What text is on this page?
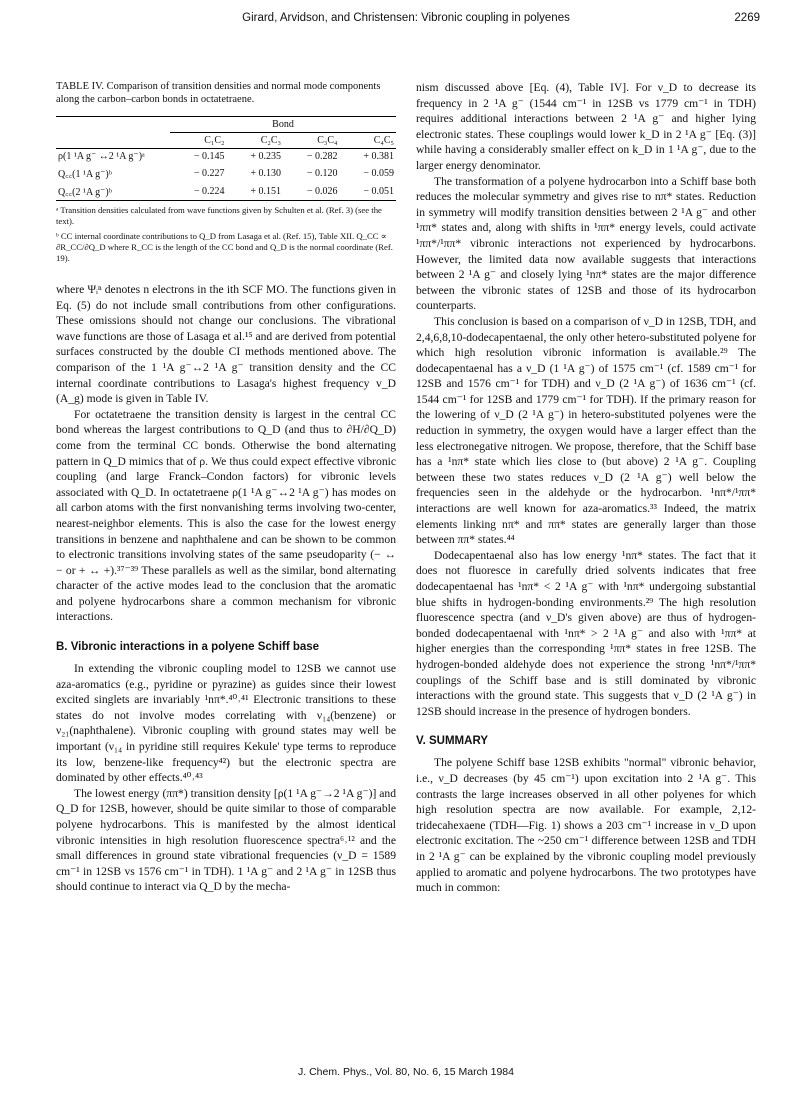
Girard, Arvidson, and Christensen: Vibronic coupling in polyenes	2269

TABLE IV. Comparison of transition densities and normal mode components along the carbon–carbon bonds in octatetraene.

	Bond			
	C₁C₂	C₂C₃	C₃C₄	C₄C₅
ρ(1 ¹A g⁻ ↔2 ¹A g⁻)ᵃ	− 0.145	+ 0.235	− 0.282	+ 0.381
Q꜀꜀(1 ¹A g⁻)ᵇ	− 0.227	+ 0.130	− 0.120	− 0.059
Q꜀꜀(2 ¹A g⁻)ᵇ	− 0.224	+ 0.151	− 0.026	− 0.051

ᵃ Transition densities calculated from wave functions given by Schulten et al. (Ref. 3) (see the text).

ᵇ CC internal coordinate contributions to Q_D from Lasaga et al. (Ref. 15), Table XII. Q_CC ∝ ∂R_CC/∂Q_D where R_CC is the length of the CC bond and Q_D is the normal coordinate (Ref. 19).

where Ψᵢⁿ denotes n electrons in the ith SCF MO. The functions given in Eq. (5) do not include small contributions from other configurations. These omissions should not change our conclusions. The vibrational wave functions are those of Lasaga et al.¹⁵ and are derived from potential surfaces constructed by the double CI methods mentioned above. The comparison of the 1 ¹A g⁻↔2 ¹A g⁻ transition density and the CC internal coordinate contributions to Lasaga's highest frequency v_D (A_g) mode is given in Table IV.

For octatetraene the transition density is largest in the central CC bond whereas the largest contributions to Q_D (and thus to ∂H/∂Q_D) come from the terminal CC bonds. Otherwise the bond alternating pattern in Q_D mimics that of ρ. We thus could expect effective vibronic coupling (and large Franck–Condon factors) for vibronic levels associated with Q_D. In octatetraene ρ(1 ¹A g⁻↔2 ¹A g⁻) has modes on all carbon atoms with the first nonvanishing terms involving two-center, nearest-neighbor elements. This is also the case for the lowest energy transitions in benzene and naphthalene and can be shown to be common to electronic transitions involving states of the same pseudoparity (− ↔ − or + ↔ +).³⁷⁻³⁹ These parallels as well as the similar, bond alternating character of the active modes lead to the conclusion that the aromatic and polyene hydrocarbons share a common mechanism for vibronic interactions.

B. Vibronic interactions in a polyene Schiff base

In extending the vibronic coupling model to 12SB we cannot use aza-aromatics (e.g., pyridine or pyrazine) as guides since their lowest excited singlets are invariably ¹nπ*.⁴⁰˒⁴¹ Electronic transitions to these states do not involve modes correlating with ν₁₄(benzene) or ν₂₁(naphthalene). Vibronic coupling with ground states may well be important (ν₁₄ in pyridine still requires Kekule' type terms to reproduce its low, benzene-like frequency⁴²) but the electronic spectra are dominated by other effects.⁴⁰˒⁴³

The lowest energy (ππ*) transition density [ρ(1 ¹A g⁻→2 ¹A g⁻)] and Q_D for 12SB, however, should be quite similar to those of comparable polyene hydrocarbons. This is manifested by the almost identical vibronic intensities in high resolution fluorescence spectra⁶˒¹² and the small differences in ground state vibrational frequencies (ν_D = 1589 cm⁻¹ in 12SB vs 1576 cm⁻¹ in TDH). 1 ¹A g⁻ and 2 ¹A g⁻ in 12SB thus should continue to interact via Q_D by the mecha-

nism discussed above [Eq. (4), Table IV]. For ν_D to decrease its frequency in 2 ¹A g⁻ (1544 cm⁻¹ in 12SB vs 1779 cm⁻¹ in TDH) requires additional interactions between 2 ¹A g⁻ and higher lying electronic states. These couplings would lower k_D in 2 ¹A g⁻ [Eq. (3)] while having a considerably smaller effect on k_D in 1 ¹A g⁻, due to the larger energy denominator.

The transformation of a polyene hydrocarbon into a Schiff base both reduces the molecular symmetry and gives rise to nπ* states. Reduction in symmetry will modify transition densities between 2 ¹A g⁻ and other ¹ππ* states and, along with shifts in ¹ππ* energy levels, could activate ¹ππ*/¹ππ* vibronic interactions not experienced by hydrocarbons. However, the limited data now available suggests that interactions between 2 ¹A g⁻ and closely lying ¹nπ* states are the major difference between the vibronic states of 12SB and those of its hydrocarbon counterparts.

This conclusion is based on a comparison of ν_D in 12SB, TDH, and 2,4,6,8,10-dodecapentaenal, the only other hetero-substituted polyene for which high resolution vibronic information is available.²⁹ The dodecapentaenal has a ν_D (1 ¹A g⁻) of 1575 cm⁻¹ (cf. 1589 cm⁻¹ for 12SB and 1576 cm⁻¹ for TDH) and ν_D (2 ¹A g⁻) of 1636 cm⁻¹ (cf. 1544 cm⁻¹ for 12SB and 1779 cm⁻¹ for TDH). If the primary reason for the lowering of ν_D (2 ¹A g⁻) in hetero-substituted polyenes were the reduction in symmetry, the oxygen would have a larger effect than the less electronegative nitrogen. We propose, therefore, that the Schiff base has a ¹nπ* state which lies close to (but above) 2 ¹A g⁻. Coupling between these two states reduces ν_D (2 ¹A g⁻) well below the frequencies seen in the aldehyde or the hydrocarbon. ¹nπ*/¹ππ* interactions are well known for aza-aromatics.³³ Indeed, the matrix elements linking nπ* and ππ* states are generally larger than those between ππ* states.⁴⁴

Dodecapentaenal also has low energy ¹nπ* states. The fact that it does not fluoresce in carefully dried solvents indicates that free dodecapentaenal has ¹nπ* < 2 ¹A g⁻ with ¹nπ* undergoing substantial blue shifts in hydrogen-bonding environments.²⁹ The high resolution fluorescence spectra (and ν_D's given above) are thus of hydrogen-bonded dodecapentaenal with ¹nπ* > 2 ¹A g⁻ and also with ¹ππ* at higher energies than the corresponding ¹ππ* states in free 12SB. The hydrogen-bonded aldehyde does not experience the strong ¹nπ*/¹ππ* couplings of the Schiff base and is still dominated by vibronic interactions with the ground state. This suggests that ν_D (2 ¹A g⁻) in 12SB should increase in the presence of hydrogen bonders.

V. SUMMARY

The polyene Schiff base 12SB exhibits "normal" vibronic behavior, i.e., ν_D decreases (by 45 cm⁻¹) upon excitation into 2 ¹A g⁻. This contrasts the large increases observed in all other polyenes for which high resolution spectra are now available. For example, 2,12-tridecahexaene (TDH—Fig. 1) shows a 203 cm⁻¹ increase in ν_D upon electronic excitation. The ~250 cm⁻¹ difference between 12SB and TDH in 2 ¹A g⁻ can be explained by the vibronic coupling model previously applied to aromatic and polyene hydrocarbons. The two prototypes have much in common:

J. Chem. Phys., Vol. 80, No. 6, 15 March 1984
